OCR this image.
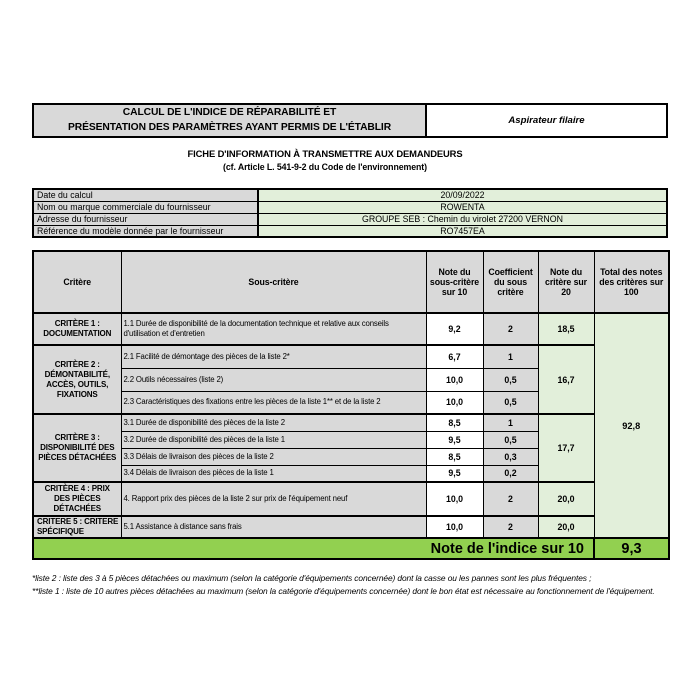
CALCUL DE L'INDICE DE RÉPARABILITÉ ET
PRÉSENTATION DES PARAMÈTRES AYANT PERMIS DE L'ÉTABLIR
Aspirateur filaire
FICHE D'INFORMATION À TRANSMETTRE AUX DEMANDEURS
(cf. Article L. 541-9-2 du Code de l'environnement)
Date du calcul	20/09/2022
Nom ou marque commerciale du fournisseur	ROWENTA
Adresse du fournisseur	GROUPE SEB : Chemin du virolet 27200 VERNON
Référence du modèle donnée par le fournisseur	RO7457EA
Critère	Sous-critère	Note du sous-critère sur 10	Coefficient du sous critère	Note du critère sur 20	Total des notes des critères sur 100
CRITÈRE 1 : DOCUMENTATION	1.1 Durée de disponibilité de la documentation technique et relative aux conseils d'utilisation et d'entretien	9,2	2	18,5	92,8
CRITÈRE 2 : DÉMONTABILITÉ, ACCÈS, OUTILS, FIXATIONS	2.1 Facilité de démontage des pièces de la liste 2*	6,7	1	16,7	
	2.2 Outils nécessaires (liste 2)	10,0	0,5		
	2.3 Caractéristiques des fixations entre les pièces de la liste 1** et de la liste 2	10,0	0,5		
CRITÈRE 3 : DISPONIBILITÉ DES PIÈCES DÉTACHÉES	3.1 Durée de disponibilité des pièces de la liste 2	8,5	1	17,7	
	3.2 Durée de disponibilité des pièces de la liste 1	9,5	0,5		
	3.3 Délais de livraison des pièces de la liste 2	8,5	0,3		
	3.4 Délais de livraison des pièces de la liste 1	9,5	0,2		
CRITÈRE 4 : PRIX DES PIÈCES DÉTACHÉES	4. Rapport prix des pièces de la liste 2 sur prix de l'équipement neuf	10,0	2	20,0	
CRITERE 5 : CRITERE SPÉCIFIQUE	5.1 Assistance à distance sans frais	10,0	2	20,0	
Note de l'indice sur 10					9,3
*liste 2 : liste des 3 à 5 pièces détachées ou maximum (selon la catégorie d'équipements concernée) dont la casse ou les pannes sont les plus fréquentes ;
**liste 1 : liste de 10 autres pièces détachées au maximum (selon la catégorie d'équipements concernée) dont le bon état est nécessaire au fonctionnement de l'équipement.
